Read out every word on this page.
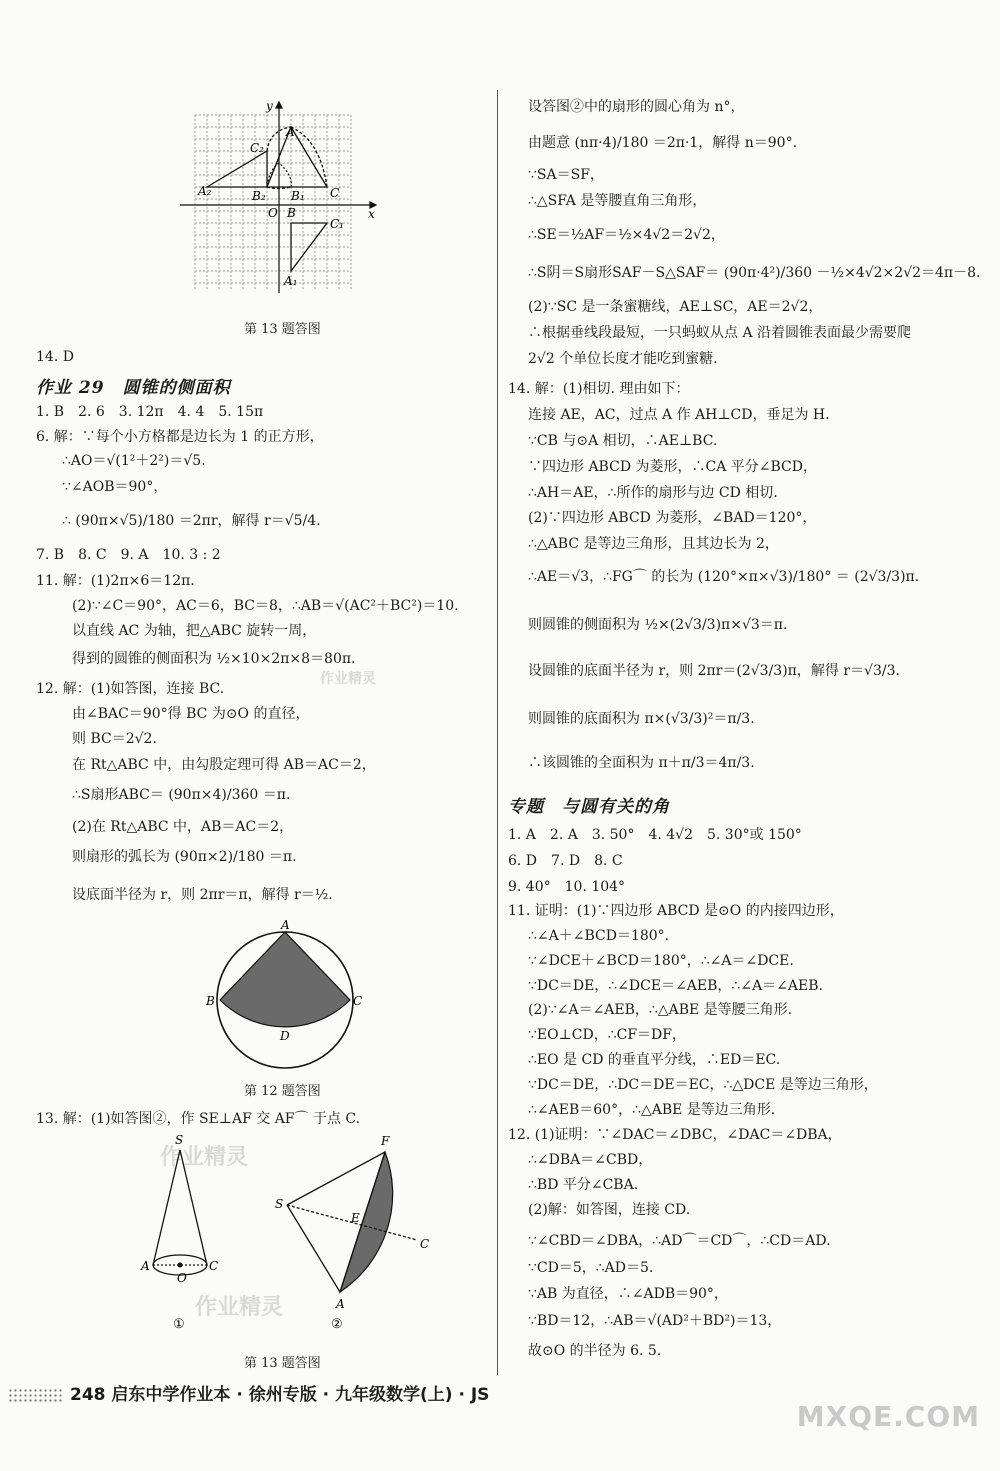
y
x
A
A₂
C₂
B₂
O B
B₁ C
C₁
A₁
第 13 题答图
14. D
作业 29　圆锥的侧面积
1. B　2. 6　3. 12π　4. 4　5. 15π
6. 解：∵每个小方格都是边长为 1 的正方形，
∴AO＝√(1²＋2²)＝√5.
∵∠AOB＝90°，
∴ (90π×√5)/180 ＝2πr，解得 r＝√5/4.
7. B　8. C　9. A　10. 3 : 2
11. 解：(1)2π×6＝12π.
(2)∵∠C＝90°，AC＝6，BC＝8，∴AB＝√(AC²＋BC²)＝10.
以直线 AC 为轴，把△ABC 旋转一周，
得到的圆锥的侧面积为 ½×10×2π×8＝80π.
12. 解：(1)如答图，连接 BC.
由∠BAC＝90°得 BC 为⊙O 的直径，
则 BC＝2√2.
在 Rt△ABC 中，由勾股定理可得 AB＝AC＝2，
∴S扇形ABC＝ (90π×4)/360 ＝π.
(2)在 Rt△ABC 中，AB＝AC＝2，
则扇形的弧长为 (90π×2)/180 ＝π.
设底面半径为 r，则 2πr＝π，解得 r＝½.
作业精灵
A
B	C
D
第 12 题答图
13. 解：(1)如答图②，作 SE⊥AF 交 AF⌒ 于点 C.
作业精灵
作业精灵
S
A
O
C
①
F
S
E
C
A
②
第 13 题答图
设答图②中的扇形的圆心角为 n°，
由题意 (nπ·4)/180 ＝2π·1，解得 n＝90°.
∵SA＝SF，
∴△SFA 是等腰直角三角形，
∴SE＝½AF＝½×4√2＝2√2，
∴S阴＝S扇形SAF－S△SAF＝ (90π·4²)/360 －½×4√2×2√2＝4π－8.
(2)∵SC 是一条蜜糖线，AE⊥SC，AE＝2√2，
∴根据垂线段最短，一只蚂蚁从点 A 沿着圆锥表面最少需要爬
2√2 个单位长度才能吃到蜜糖.
14. 解：(1)相切. 理由如下：
连接 AE，AC，过点 A 作 AH⊥CD，垂足为 H.
∵CB 与⊙A 相切，∴AE⊥BC.
∵四边形 ABCD 为菱形，∴CA 平分∠BCD，
∴AH＝AE，∴所作的扇形与边 CD 相切.
(2)∵四边形 ABCD 为菱形，∠BAD＝120°，
∴△ABC 是等边三角形，且其边长为 2，
∴AE＝√3，∴FG⌒ 的长为 (120°×π×√3)/180° ＝ (2√3/3)π.
则圆锥的侧面积为 ½×(2√3/3)π×√3＝π.
设圆锥的底面半径为 r，则 2πr＝(2√3/3)π，解得 r＝√3/3.
则圆锥的底面积为 π×(√3/3)²＝π/3.
∴该圆锥的全面积为 π＋π/3＝4π/3.
专题　与圆有关的角
1. A　2. A　3. 50°　4. 4√2　5. 30°或 150°
6. D　7. D　8. C
9. 40°　10. 104°
11. 证明：(1)∵四边形 ABCD 是⊙O 的内接四边形，
∴∠A＋∠BCD＝180°.
∵∠DCE＋∠BCD＝180°，∴∠A＝∠DCE.
∵DC＝DE，∴∠DCE＝∠AEB，∴∠A＝∠AEB.
(2)∵∠A＝∠AEB，∴△ABE 是等腰三角形.
∵EO⊥CD，∴CF＝DF，
∴EO 是 CD 的垂直平分线，∴ED＝EC.
∵DC＝DE，∴DC＝DE＝EC，∴△DCE 是等边三角形，
∴∠AEB＝60°，∴△ABE 是等边三角形.
12. (1)证明：∵∠DAC＝∠DBC，∠DAC＝∠DBA，
∴∠DBA＝∠CBD，
∴BD 平分∠CBA.
(2)解：如答图，连接 CD.
∵∠CBD＝∠DBA，∴AD⌒＝CD⌒，∴CD＝AD.
∵CD＝5，∴AD＝5.
∵AB 为直径，∴∠ADB＝90°，
∵BD＝12，∴AB＝√(AD²＋BD²)＝13，
故⊙O 的半径为 6. 5.
248 启东中学作业本 · 徐州专版 · 九年级数学(上) · JS
MXQE.COM
